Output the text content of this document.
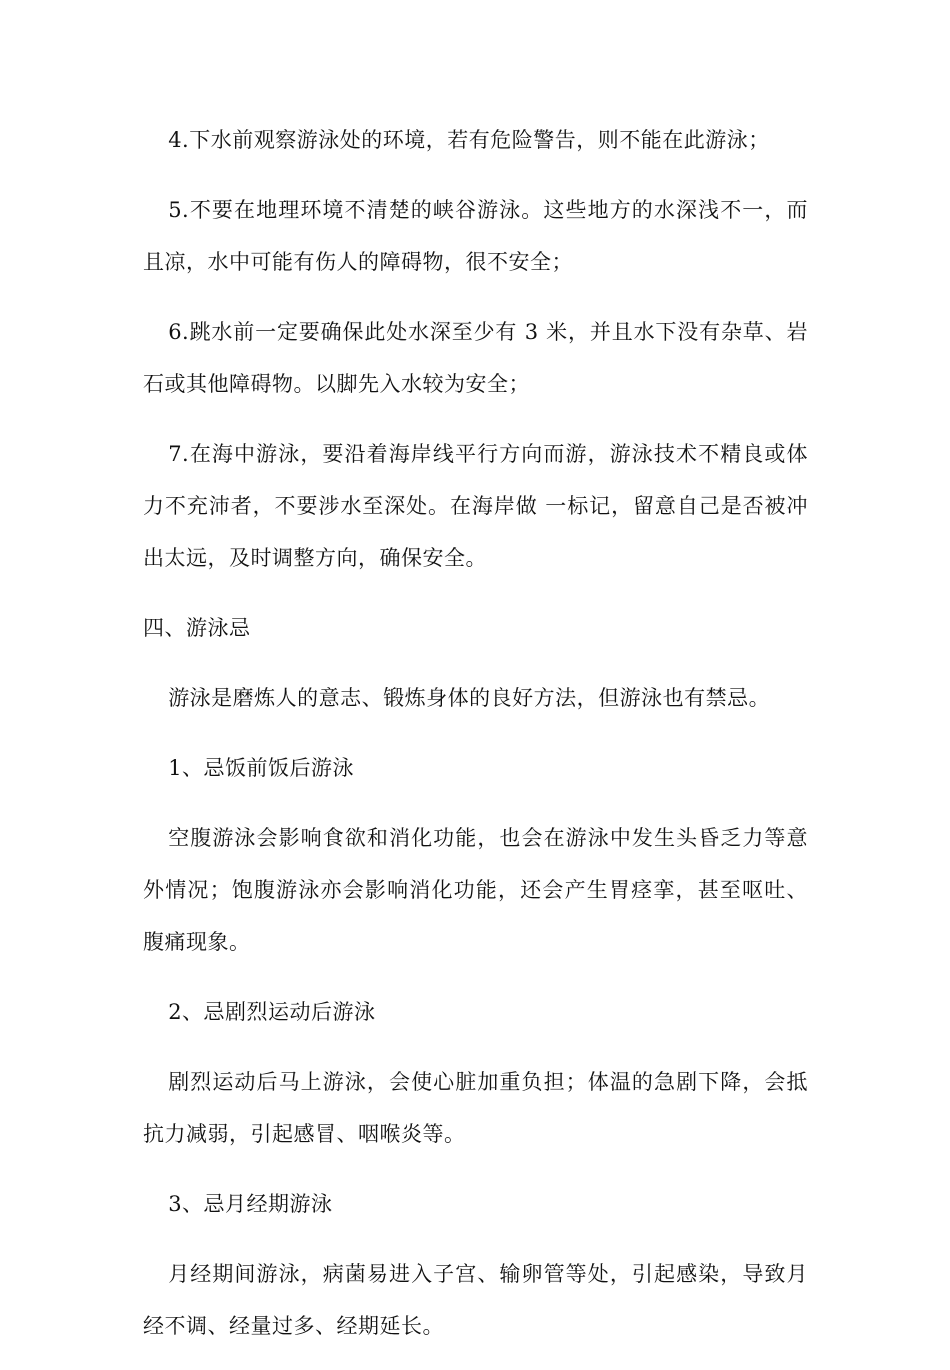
4.下水前观察游泳处的环境，若有危险警告，则不能在此游泳；

5.不要在地理环境不清楚的峡谷游泳。这些地方的水深浅不一，而且凉，水中可能有伤人的障碍物，很不安全；

6.跳水前一定要确保此处水深至少有 3 米，并且水下没有杂草、岩石或其他障碍物。以脚先入水较为安全；

7.在海中游泳，要沿着海岸线平行方向而游，游泳技术不精良或体力不充沛者，不要涉水至深处。在海岸做 一标记，留意自己是否被冲出太远，及时调整方向，确保安全。

四、游泳忌

游泳是磨炼人的意志、锻炼身体的良好方法，但游泳也有禁忌。

1、忌饭前饭后游泳

空腹游泳会影响食欲和消化功能，也会在游泳中发生头昏乏力等意外情况；饱腹游泳亦会影响消化功能，还会产生胃痉挛，甚至呕吐、腹痛现象。

2、忌剧烈运动后游泳

剧烈运动后马上游泳，会使心脏加重负担；体温的急剧下降，会抵抗力减弱，引起感冒、咽喉炎等。

3、忌月经期游泳

月经期间游泳，病菌易进入子宫、输卵管等处，引起感染，导致月经不调、经量过多、经期延长。
